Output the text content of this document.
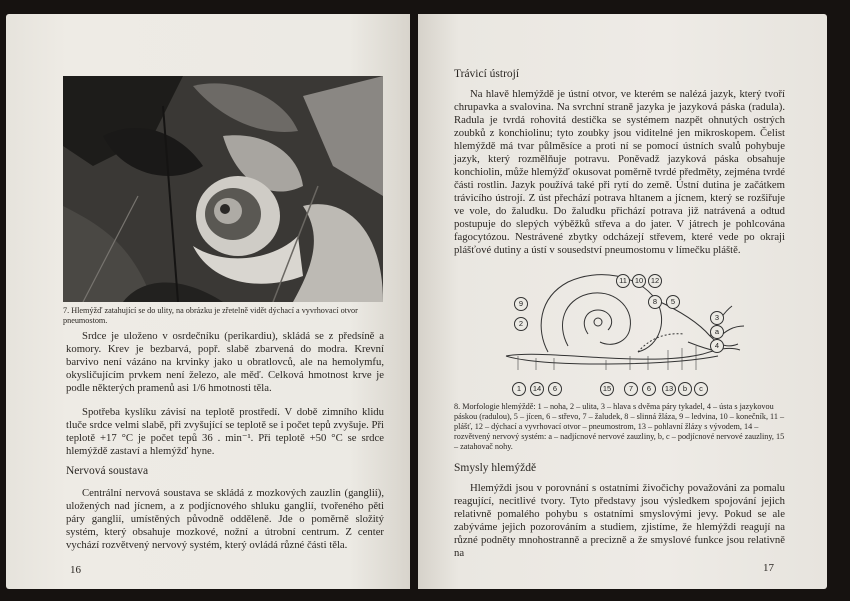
7. Hlemýžď zatahující se do ulity, na obrázku je zřetelně vidět dýchací a vyvrhovací otvor pneumostom.
Srdce je uloženo v osrdečníku (perikardiu), skládá se z předsíně a komory. Krev je bezbarvá, popř. slabě zbarvená do modra. Krevní barvivo není vázáno na krvinky jako u obratlovců, ale na hemolymfu, okysličujícím prvkem není železo, ale měď. Celková hmotnost krve je podle některých pramenů asi 1/6 hmotnosti těla.
Spotřeba kyslíku závisí na teplotě prostředí. V době zimního klidu tluče srdce velmi slabě, při zvyšující se teplotě se i počet tepů zvyšuje. Při teplotě +17 °C je počet tepů 36 . min⁻¹. Při teplotě +50 °C se srdce hlemýždě zastaví a hlemýžď hyne.
Nervová soustava
Centrální nervová soustava se skládá z mozkových zauzlin (ganglií), uložených nad jícnem, a z podjícnového shluku ganglií, tvořeného pěti páry ganglií, umístěných původně odděleně. Jde o poměrně složitý systém, který obsahuje mozkové, nožní a útrobní centrum. Z center vychází rozvětvený nervový systém, který ovládá různé části těla.
16
Trávicí ústrojí
Na hlavě hlemýždě je ústní otvor, ve kterém se nalézá jazyk, který tvoří chrupavka a svalovina. Na svrchní straně jazyka je jazyková páska (radula). Radula je tvrdá rohovitá destička se systémem nazpět ohnutých ostrých zoubků z konchiolinu; tyto zoubky jsou viditelné jen mikroskopem. Čelist hlemýždě má tvar půlměsíce a proti ní se pomocí ústních svalů pohybuje jazyk, který rozmělňuje potravu. Poněvadž jazyková páska obsahuje konchiolin, může hlemýžď okusovat poměrně tvrdé předměty, zejména tvrdé části rostlin. Jazyk používá také při rytí do země. Ústní dutina je začátkem trávicího ústrojí. Z úst přechází potrava hltanem a jícnem, který se rozšiřuje ve vole, do žaludku. Do žaludku přichází potrava již natrávená a odtud postupuje do slepých výběžků střeva a do jater. V játrech je pohlcována fagocytózou. Nestrávené zbytky odcházejí střevem, které vede po okraji plášťové dutiny a ústí v sousedství pneumostomu v límečku pláště.
11	10	12
8	5
9
2
3
a
4
1	14	6	15	7	6	13	b	c
8. Morfologie hlemýždě: 1 – noha, 2 – ulita, 3 – hlava s dvěma páry tykadel, 4 – ústa s jazykovou páskou (radulou), 5 – jícen, 6 – střevo, 7 – žaludek, 8 – slinná žláza, 9 – ledvina, 10 – konečník, 11 – plášť, 12 – dýchací a vyvrhovací otvor – pneumostrom, 13 – pohlavní žlázy s vývodem, 14 – rozvětvený nervový systém: a – nadjícnové nervové zauzliny, b, c – podjícnové nervové zauzliny, 15 – zatahovač nohy.
Smysly hlemýždě
Hlemýždi jsou v porovnání s ostatními živočichy považováni za pomalu reagující, necitlivé tvory. Tyto představy jsou výsledkem spojování jejich relativně pomalého pohybu s ostatními smyslovými jevy. Pokud se ale zabýváme jejich pozorováním a studiem, zjistíme, že hlemýždi reagují na různé podněty mnohostranně a precizně a že smyslové funkce jsou relativně na
17
